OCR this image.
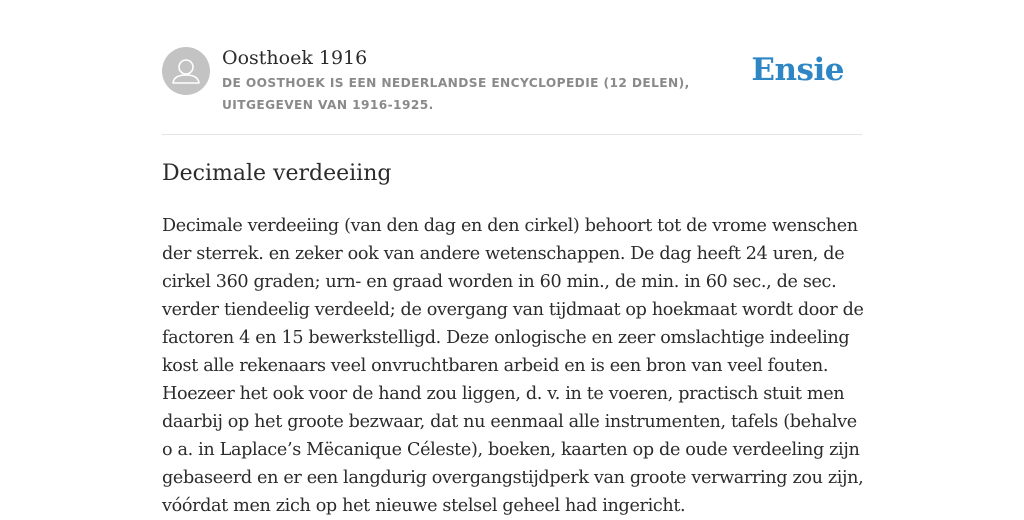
Oosthoek 1916
DE OOSTHOEK IS EEN NEDERLANDSE ENCYCLOPEDIE (12 DELEN), UITGEGEVEN VAN 1916-1925.
Ensie
Decimale verdeeiing

Decimale verdeeiing (van den dag en den cirkel) behoort tot de vrome wenschen der sterrek. en zeker ook van andere wetenschappen. De dag heeft 24 uren, de cirkel 360 graden; urn- en graad worden in 60 min., de min. in 60 sec., de sec. verder tiendeelig verdeeld; de overgang van tijdmaat op hoekmaat wordt door de factoren 4 en 15 bewerkstelligd. Deze onlogische en zeer omslachtige indeeling kost alle rekenaars veel onvruchtbaren arbeid en is een bron van veel fouten. Hoezeer het ook voor de hand zou liggen, d. v. in te voeren, practisch stuit men daarbij op het groote bezwaar, dat nu eenmaal alle instrumenten, tafels (behalve o a. in Laplace’s Mëcanique Céleste), boeken, kaarten op de oude verdeeling zijn gebaseerd en er een langdurig overgangstijdperk van groote verwarring zou zijn, vóórdat men zich op het nieuwe stelsel geheel had ingericht.
